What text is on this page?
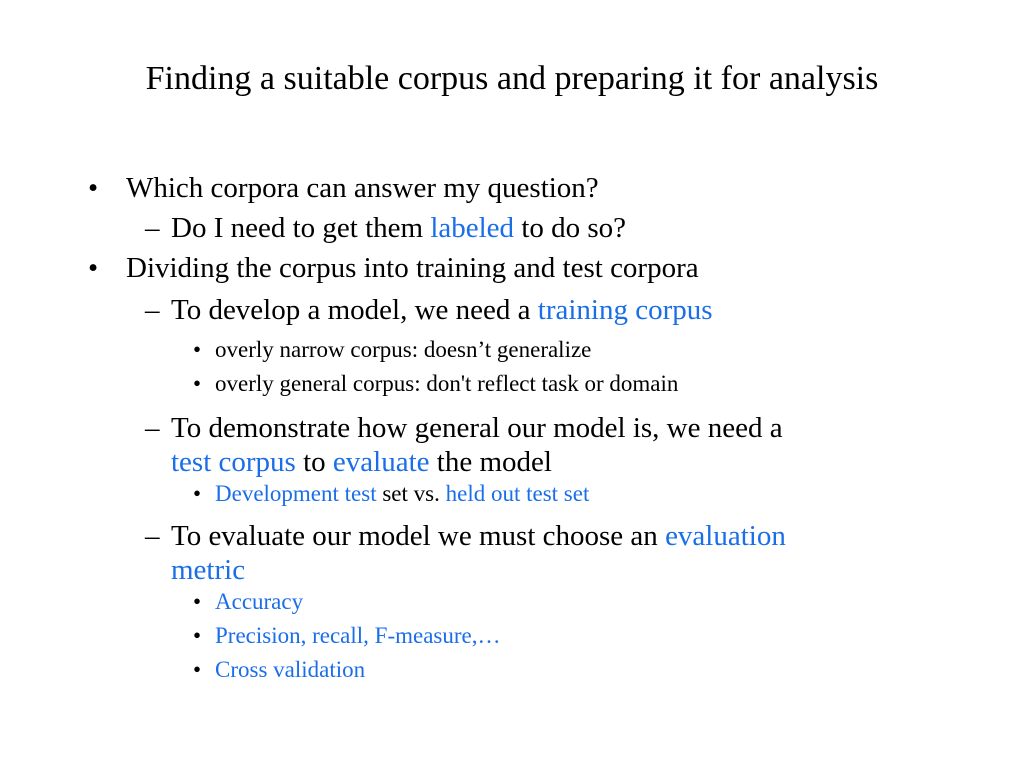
Finding a suitable corpus and preparing it for analysis
• Which corpora can answer my question?
– Do I need to get them labeled to do so?
• Dividing the corpus into training and test corpora
– To develop a model, we need a training corpus
• overly narrow corpus: doesn’t generalize
• overly general corpus: don't reflect task or domain
– To demonstrate how general our model is, we need a
test corpus to evaluate the model
• Development test set vs. held out test set
– To evaluate our model we must choose an evaluation
metric
• Accuracy
• Precision, recall, F-measure,…
• Cross validation
